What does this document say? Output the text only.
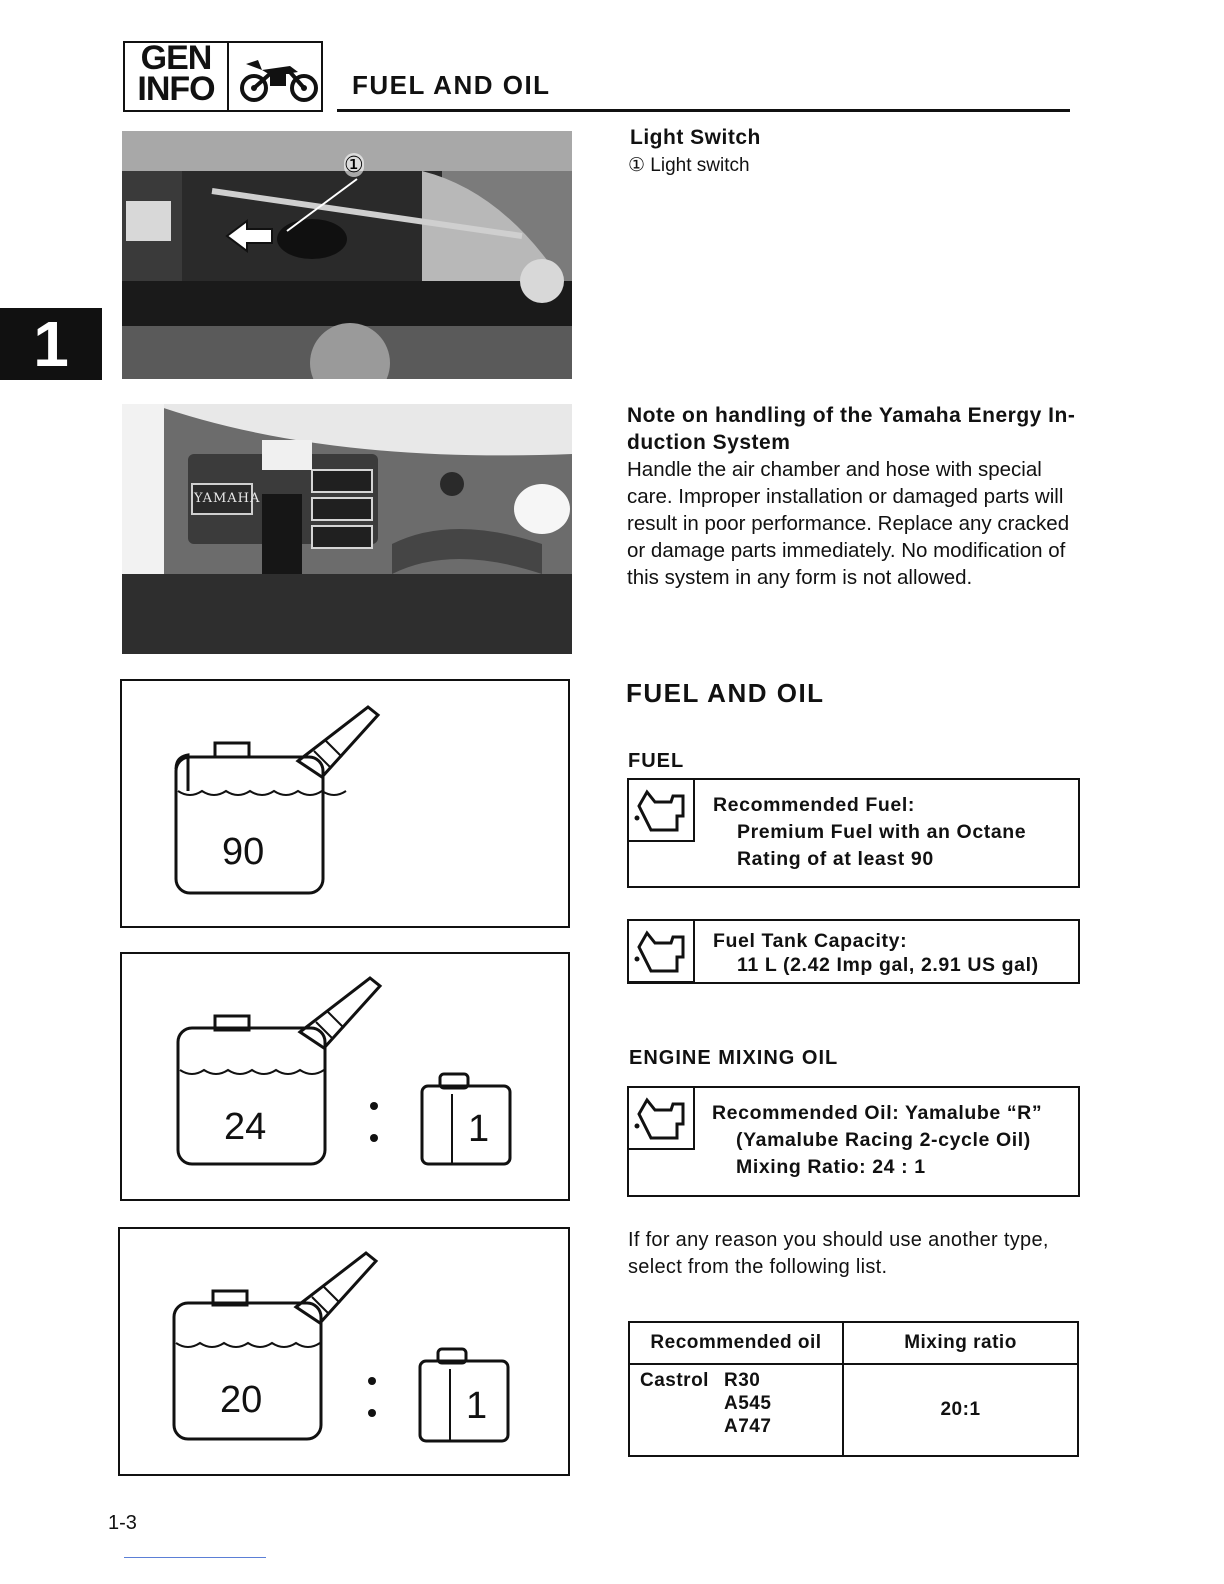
GEN
INFO	FUEL AND OIL
1
①
YAMAHA
90
24	1
20	1
Light Switch
① Light switch
Note on handling of the Yamaha Energy In-
duction System
Handle the air chamber and hose with special
care. Improper installation or damaged parts will
result in poor performance. Replace any cracked
or damage parts immediately. No modification of
this system in any form is not allowed.
FUEL AND OIL
FUEL
Recommended Fuel:
Premium Fuel with an Octane
Rating of at least 90
Fuel Tank Capacity:
11 L (2.42 Imp gal, 2.91 US gal)
ENGINE MIXING OIL
Recommended Oil: Yamalube “R”
(Yamalube Racing 2-cycle Oil)
Mixing Ratio: 24 : 1
If for any reason you should use another type,
select from the following list.
Recommended oil	Mixing ratio

Castrol R30
A545
A747	20:1
1-3
